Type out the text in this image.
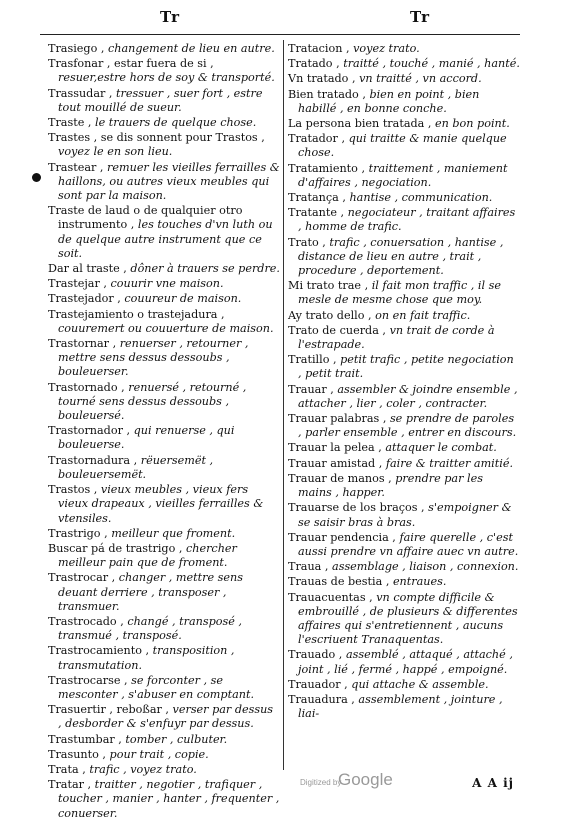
Tr	Tr

Trasiego , changement de lieu en autre.

Trasfonar , estar fuera de si , resuer,estre hors de soy & transporté.

Trassudar , tressuer , suer fort , estre tout mouillé de sueur.

Traste , le trauers de quelque chose.

Trastes , se dis sonnent pour Trastos , voyez le en son lieu.

Trastear , remuer les vieilles ferrailles & haillons, ou autres vieux meubles qui sont par la maison.

Traste de laud o de qualquier otro instrumento , les touches d'vn luth ou de quelque autre instrument que ce soit.

Dar al traste , dôner à trauers se perdre.

Trastejar , couurir vne maison.

Trastejador , couureur de maison.

Trastejamiento o trastejadura , couuremert ou couuerture de maison.

Trastornar , renuerser , retourner , mettre sens dessus dessoubs , bouleuerser.

Trastornado , renuersé , retourné , tourné sens dessus dessoubs , bouleuersé.

Trastornador , qui renuerse , qui bouleuerse.

Trastornadura , rëuersemët , bouleuersemët.

Trastos , vieux meubles , vieux fers vieux drapeaux , vieilles ferrailles & vtensiles.

Trastrigo , meilleur que froment.

Buscar pá de trastrigo , chercher meilleur pain que de froment.

Trastrocar , changer , mettre sens deuant derriere , transposer , transmuer.

Trastrocado , changé , transposé , transmué , transposé.

Trastrocamiento , transposition , transmutation.

Trastrocarse , se forconter , se mesconter , s'abuser en comptant.

Trasuertir , reboßar , verser par dessus , desborder & s'enfuyr par dessus.

Trastumbar , tomber , culbuter.

Trasunto , pour trait , copie.

Trata , trafic , voyez trato.

Tratar , traitter , negotier , trafiquer , toucher , manier , hanter , frequenter , conuerser.

Tratacion , voyez trato.

Tratado , traitté , touché , manié , hanté.

Vn tratado , vn traitté , vn accord.

Bien tratado , bien en point , bien habillé , en bonne conche.

La persona bien tratada , en bon point.

Tratador , qui traitte & manie quelque chose.

Tratamiento , traittement , maniement d'affaires , negociation.

Tratança , hantise , communication.

Tratante , negociateur , traitant affaires , homme de trafic.

Trato , trafic , conuersation , hantise , distance de lieu en autre , trait , procedure , deportement.

Mi trato trae , il fait mon traffic , il se mesle de mesme chose que moy.

Ay trato dello , on en fait traffic.

Trato de cuerda , vn trait de corde à l'estrapade.

Tratillo , petit trafic , petite negociation , petit trait.

Trauar , assembler & joindre ensemble , attacher , lier , coler , contracter.

Trauar palabras , se prendre de paroles , parler ensemble , entrer en discours.

Trauar la pelea , attaquer le combat.

Trauar amistad , faire & traitter amitié.

Trauar de manos , prendre par les mains , happer.

Trauarse de los braços , s'empoigner & se saisir bras à bras.

Trauar pendencia , faire querelle , c'est aussi prendre vn affaire auec vn autre.

Traua , assemblage , liaison , connexion.

Trauas de bestia , entraues.

Trauacuentas , vn compte difficile & embrouillé , de plusieurs & differentes affaires qui s'entretiennent , aucuns l'escriuent Tranaquentas.

Trauado , assemblé , attaqué , attaché , joint , lié , fermé , happé , empoigné.

Trauador , qui attache & assemble.

Trauadura , assemblement , jointure , liai-

Digitized by
Google	A A ij
